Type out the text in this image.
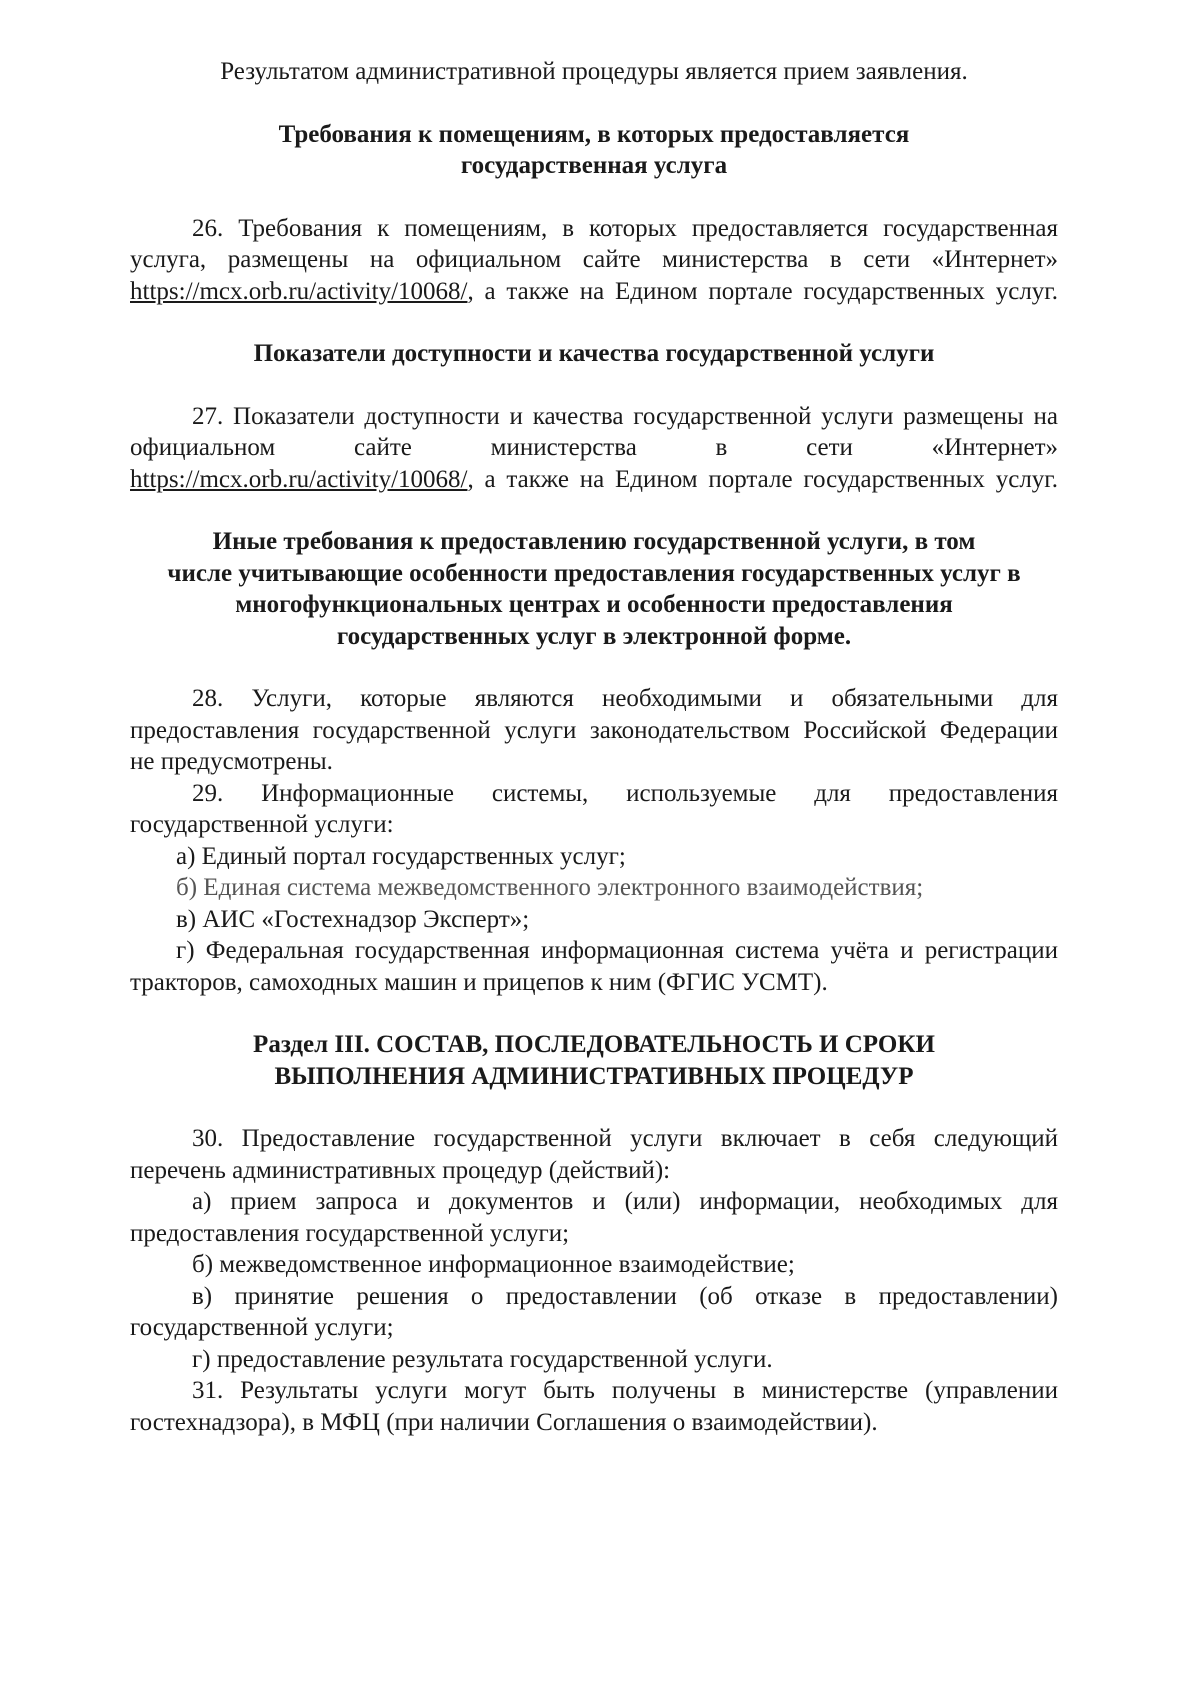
Результатом административной процедуры является прием заявления.

Требования к помещениям, в которых предоставляется
государственная услуга
26. Требования к помещениям, в которых предоставляется государственная
услуга, размещены на официальном сайте министерства в сети «Интернет»
https://mcx.orb.ru/activity/10068/, а также на Едином портале государственных услуг.
Показатели доступности и качества государственной услуги
27. Показатели доступности и качества государственной услуги размещены на
официальном сайте министерства в сети «Интернет»
https://mcx.orb.ru/activity/10068/, а также на Едином портале государственных услуг.
Иные требования к предоставлению государственной услуги, в том
числе учитывающие особенности предоставления государственных услуг в
многофункциональных центрах и особенности предоставления
государственных услуг в электронной форме.
28. Услуги, которые являются необходимыми и обязательными для
предоставления государственной услуги законодательством Российской Федерации
не предусмотрены.
29. Информационные системы, используемые для предоставления
государственной услуги:
а) Единый портал государственных услуг;
б) Единая система межведомственного электронного взаимодействия;
в) АИС «Гостехнадзор Эксперт»;
г) Федеральная государственная информационная система учёта и регистрации
тракторов, самоходных машин и прицепов к ним (ФГИС УСМТ).
Раздел III. СОСТАВ, ПОСЛЕДОВАТЕЛЬНОСТЬ И СРОКИ
ВЫПОЛНЕНИЯ АДМИНИСТРАТИВНЫХ ПРОЦЕДУР
30. Предоставление государственной услуги включает в себя следующий
перечень административных процедур (действий):
а) прием запроса и документов и (или) информации, необходимых для
предоставления государственной услуги;
б) межведомственное информационное взаимодействие;
в) принятие решения о предоставлении (об отказе в предоставлении)
государственной услуги;
г) предоставление результата государственной услуги.
31. Результаты услуги могут быть получены в министерстве (управлении
гостехнадзора), в МФЦ (при наличии Соглашения о взаимодействии).
